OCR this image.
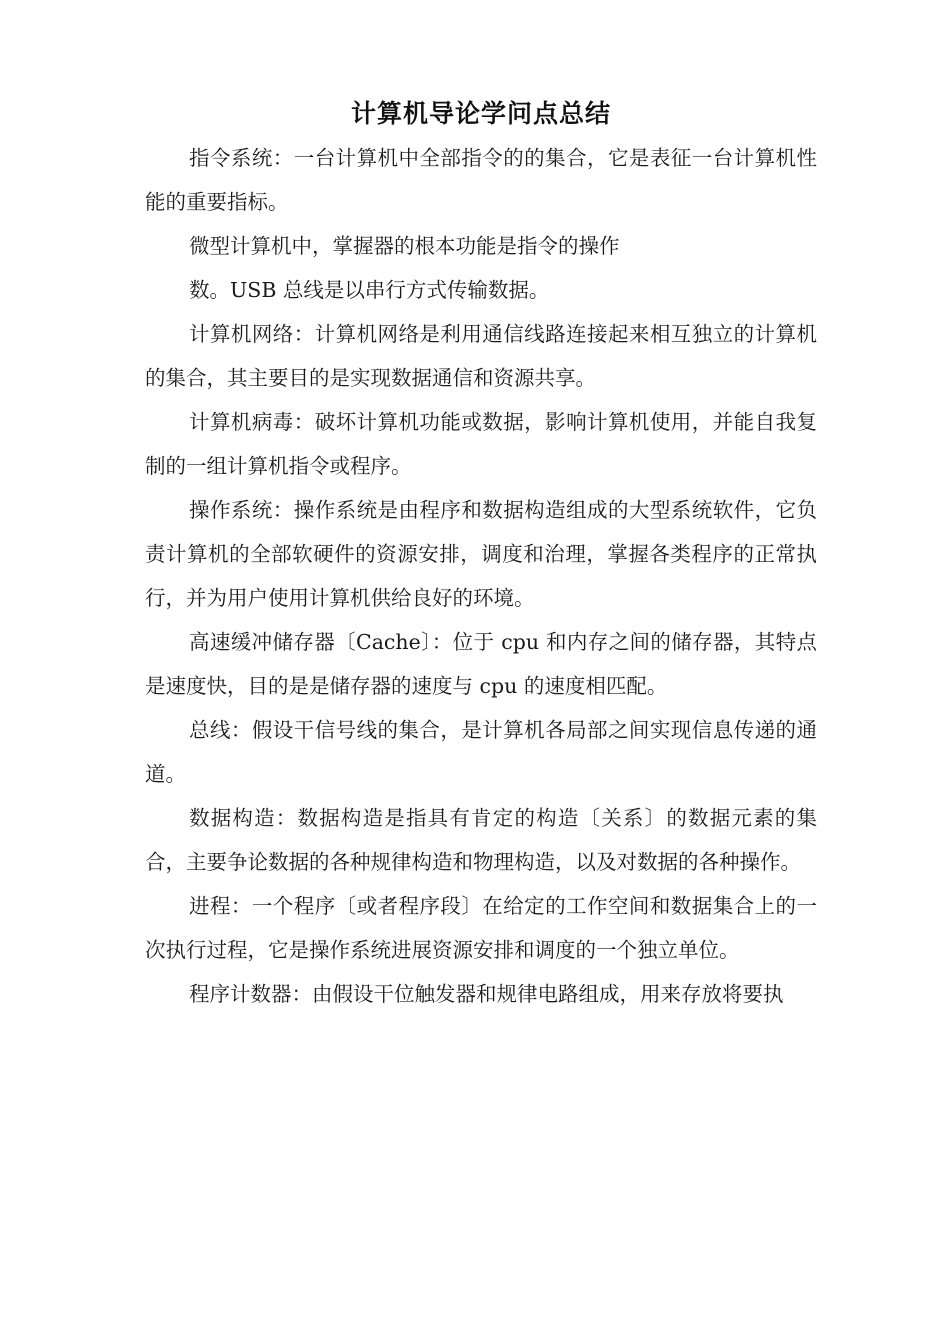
计算机导论学问点总结

指令系统：一台计算机中全部指令的的集合，它是表征一台计算机性能的重要指标。

微型计算机中，掌握器的根本功能是指令的操作

数。USB 总线是以串行方式传输数据。

计算机网络：计算机网络是利用通信线路连接起来相互独立的计算机的集合，其主要目的是实现数据通信和资源共享。

计算机病毒：破坏计算机功能或数据，影响计算机使用，并能自我复制的一组计算机指令或程序。

操作系统：操作系统是由程序和数据构造组成的大型系统软件，它负责计算机的全部软硬件的资源安排，调度和治理，掌握各类程序的正常执行，并为用户使用计算机供给良好的环境。

高速缓冲储存器〔Cache〕：位于 cpu 和内存之间的储存器，其特点是速度快，目的是是储存器的速度与 cpu 的速度相匹配。

总线：假设干信号线的集合，是计算机各局部之间实现信息传递的通道。

数据构造：数据构造是指具有肯定的构造〔关系〕的数据元素的集合，主要争论数据的各种规律构造和物理构造，以及对数据的各种操作。

进程：一个程序〔或者程序段〕在给定的工作空间和数据集合上的一次执行过程，它是操作系统进展资源安排和调度的一个独立单位。

程序计数器：由假设干位触发器和规律电路组成，用来存放将要执
